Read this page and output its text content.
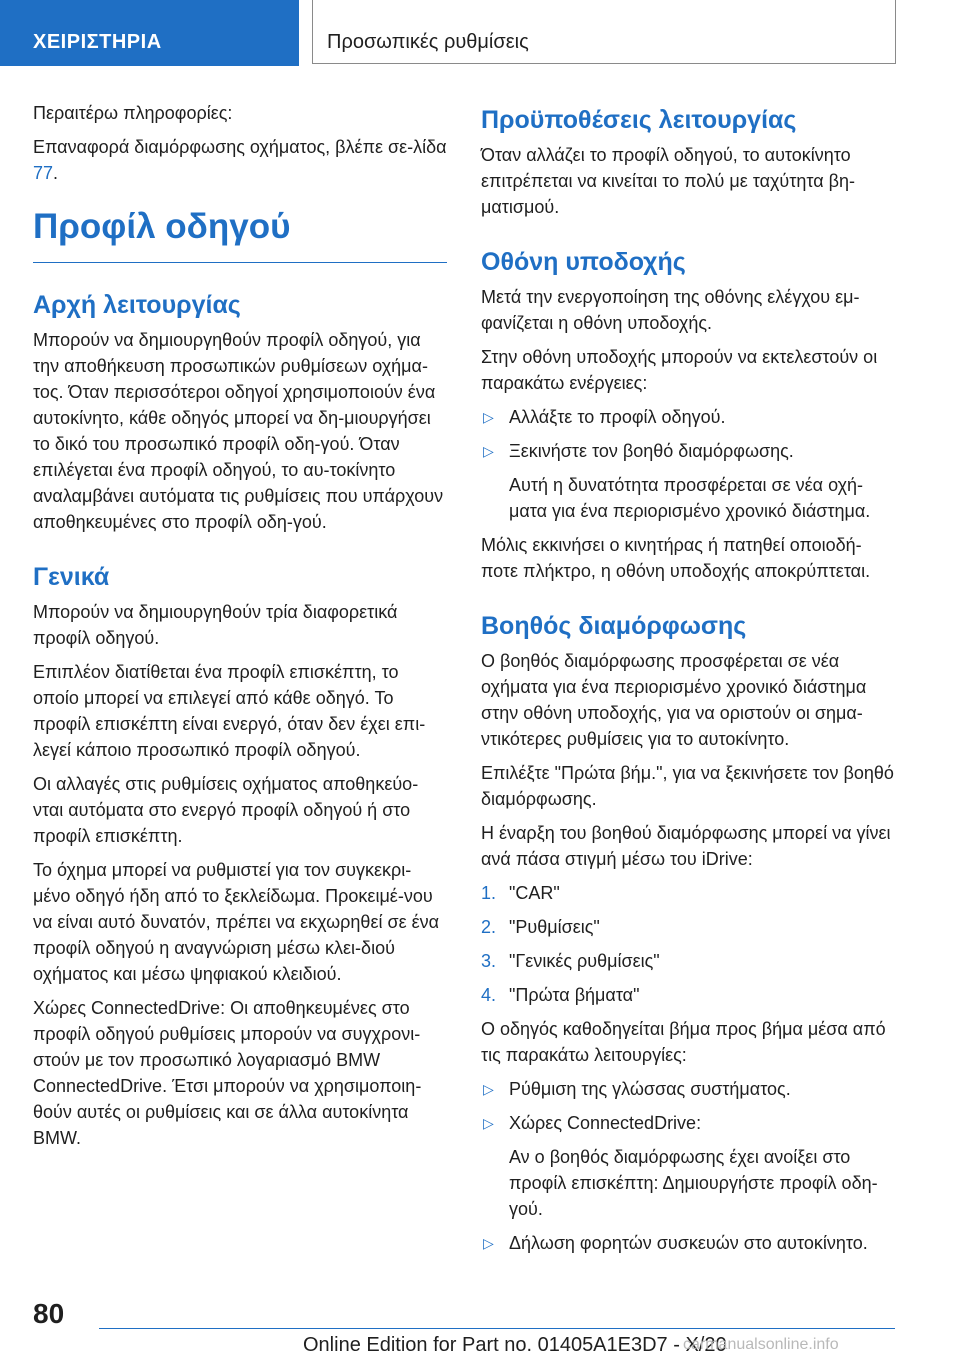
ΧΕΙΡΙΣΤΗΡΙΑ	Προσωπικές ρυθμίσεις

Περαιτέρω πληροφορίες:

Επαναφορά διαμόρφωσης οχήματος, βλέπε σε-λίδα 77.

Προφίλ οδηγού
Αρχή λειτουργίας

Μπορούν να δημιουργηθούν προφίλ οδηγού, για την αποθήκευση προσωπικών ρυθμίσεων οχήμα-τος. Όταν περισσότεροι οδηγοί χρησιμοποιούν ένα αυτοκίνητο, κάθε οδηγός μπορεί να δη-μιουργήσει το δικό του προσωπικό προφίλ οδη-γού. Όταν επιλέγεται ένα προφίλ οδηγού, το αυ-τοκίνητο αναλαμβάνει αυτόματα τις ρυθμίσεις που υπάρχουν αποθηκευμένες στο προφίλ οδη-γού.

Γενικά

Μπορούν να δημιουργηθούν τρία διαφορετικά προφίλ οδηγού.

Επιπλέον διατίθεται ένα προφίλ επισκέπτη, το οποίο μπορεί να επιλεγεί από κάθε οδηγό. Το προφίλ επισκέπτη είναι ενεργό, όταν δεν έχει επι-λεγεί κάποιο προσωπικό προφίλ οδηγού.

Οι αλλαγές στις ρυθμίσεις οχήματος αποθηκεύο-νται αυτόματα στο ενεργό προφίλ οδηγού ή στο προφίλ επισκέπτη.

Το όχημα μπορεί να ρυθμιστεί για τον συγκεκρι-μένο οδηγό ήδη από το ξεκλείδωμα. Προκειμέ-νου να είναι αυτό δυνατόν, πρέπει να εκχωρηθεί σε ένα προφίλ οδηγού η αναγνώριση μέσω κλει-διού οχήματος και μέσω ψηφιακού κλειδιού.

Χώρες ConnectedDrive: Οι αποθηκευμένες στο προφίλ οδηγού ρυθμίσεις μπορούν να συγχρονι-στούν με τον προσωπικό λογαριασμό BMW ConnectedDrive. Έτσι μπορούν να χρησιμοποιη-θούν αυτές οι ρυθμίσεις και σε άλλα αυτοκίνητα BMW.

Προϋποθέσεις λειτουργίας

Όταν αλλάζει το προφίλ οδηγού, το αυτοκίνητο επιτρέπεται να κινείται το πολύ με ταχύτητα βη-ματισμού.

Οθόνη υποδοχής

Μετά την ενεργοποίηση της οθόνης ελέγχου εμ-φανίζεται η οθόνη υποδοχής.

Στην οθόνη υποδοχής μπορούν να εκτελεστούν οι παρακάτω ενέργειες:

▷ Αλλάξτε το προφίλ οδηγού.
▷ Ξεκινήστε τον βοηθό διαμόρφωσης.

Αυτή η δυνατότητα προσφέρεται σε νέα οχή-ματα για ένα περιορισμένο χρονικό διάστημα.

Μόλις εκκινήσει ο κινητήρας ή πατηθεί οποιοδή-ποτε πλήκτρο, η οθόνη υποδοχής αποκρύπτεται.

Βοηθός διαμόρφωσης

Ο βοηθός διαμόρφωσης προσφέρεται σε νέα οχήματα για ένα περιορισμένο χρονικό διάστημα στην οθόνη υποδοχής, για να οριστούν οι σημα-ντικότερες ρυθμίσεις για το αυτοκίνητο.

Επιλέξτε "Πρώτα βήμ.", για να ξεκινήσετε τον βοηθό διαμόρφωσης.

Η έναρξη του βοηθού διαμόρφωσης μπορεί να γίνει ανά πάσα στιγμή μέσω του iDrive:

1. "CAR"
2. "Ρυθμίσεις"
3. "Γενικές ρυθμίσεις"
4. "Πρώτα βήματα"

Ο οδηγός καθοδηγείται βήμα προς βήμα μέσα από τις παρακάτω λειτουργίες:

▷ Ρύθμιση της γλώσσας συστήματος.
▷ Χώρες ConnectedDrive:

Αν ο βοηθός διαμόρφωσης έχει ανοίξει στο προφίλ επισκέπτη: Δημιουργήστε προφίλ οδη-γού.

▷ Δήλωση φορητών συσκευών στο αυτοκίνητο.
80
Online Edition for Part no. 01405A1E3D7 - X/20
carmanualsonline.info
